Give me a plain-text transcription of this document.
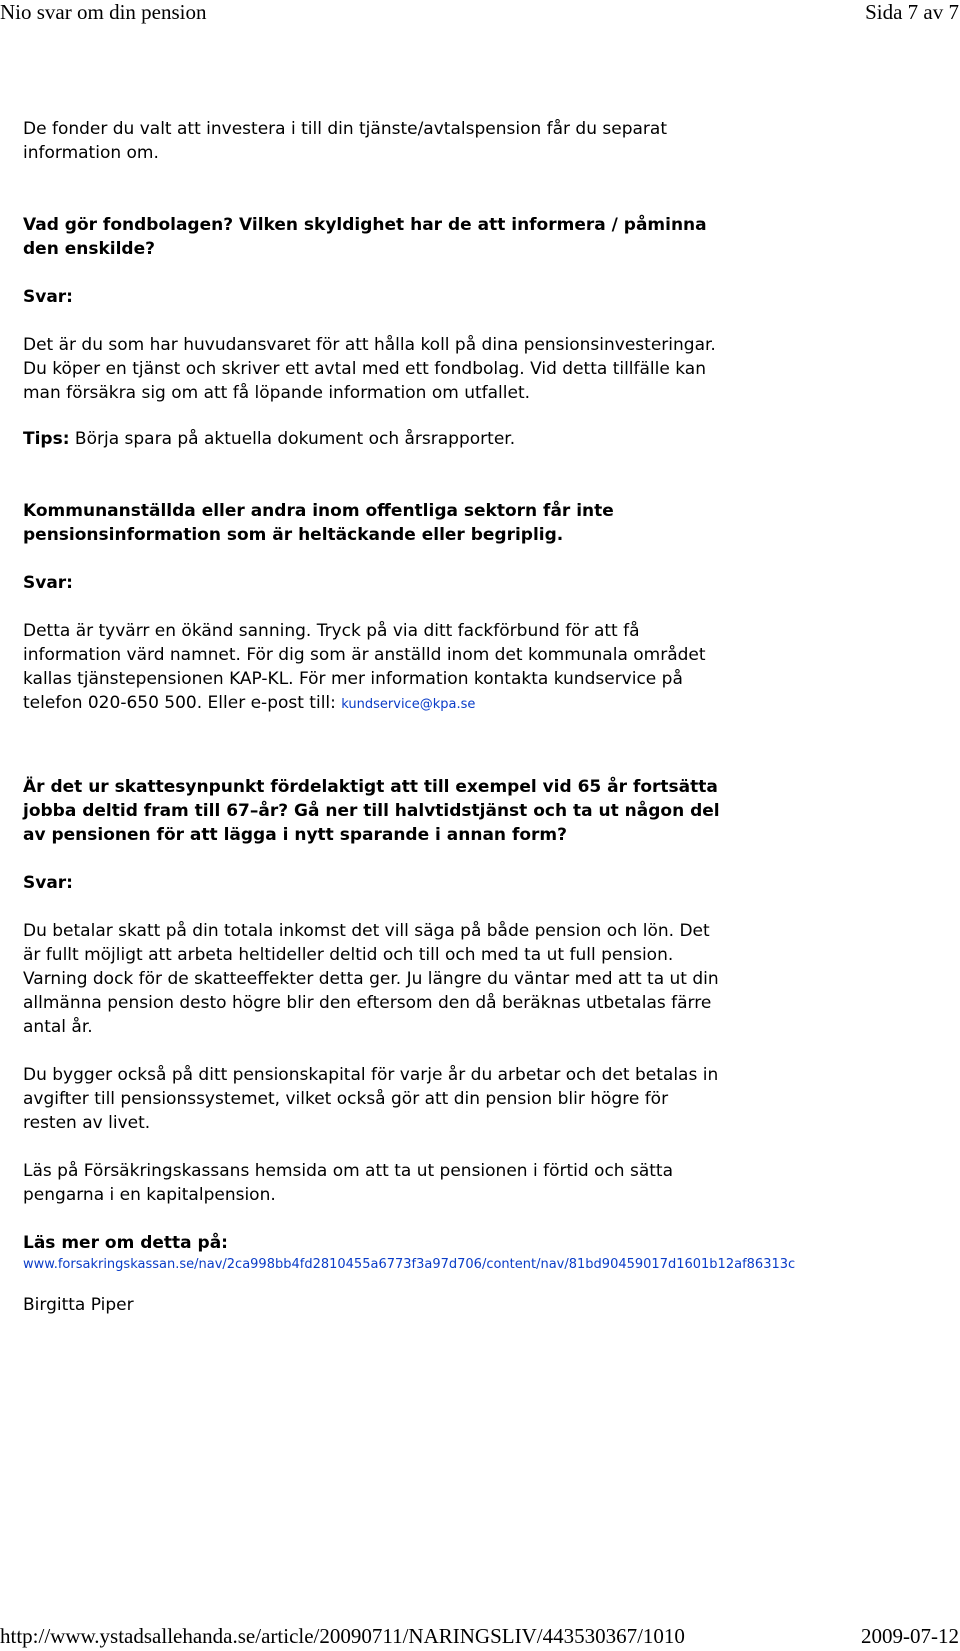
Nio svar om din pension	Sida 7 av 7

De fonder du valt att investera i till din tjänste/avtalspension får du separat information om.

Vad gör fondbolagen? Vilken skyldighet har de att informera / påminna den enskilde?

Svar:

Det är du som har huvudansvaret för att hålla koll på dina pensionsinvesteringar. Du köper en tjänst och skriver ett avtal med ett fondbolag. Vid detta tillfälle kan man försäkra sig om att få löpande information om utfallet.

Tips: Börja spara på aktuella dokument och årsrapporter.

Kommunanställda eller andra inom offentliga sektorn får inte pensionsinformation som är heltäckande eller begriplig.

Svar:

Detta är tyvärr en ökänd sanning. Tryck på via ditt fackförbund för att få information värd namnet. För dig som är anställd inom det kommunala området kallas tjänstepensionen KAP-KL. För mer information kontakta kundservice på telefon 020-650 500. Eller e-post till: kundservice@kpa.se

Är det ur skattesynpunkt fördelaktigt att till exempel vid 65 år fortsätta jobba deltid fram till 67–år? Gå ner till halvtidstjänst och ta ut någon del av pensionen för att lägga i nytt sparande i annan form?

Svar:

Du betalar skatt på din totala inkomst det vill säga på både pension och lön. Det är fullt möjligt att arbeta heltideller deltid och till och med ta ut full pension. Varning dock för de skatteeffekter detta ger. Ju längre du väntar med att ta ut din allmänna pension desto högre blir den eftersom den då beräknas utbetalas färre antal år.

Du bygger också på ditt pensionskapital för varje år du arbetar och det betalas in avgifter till pensionssystemet, vilket också gör att din pension blir högre för resten av livet.

Läs på Försäkringskassans hemsida om att ta ut pensionen i förtid och sätta pengarna i en kapitalpension.

Läs mer om detta på:

www.forsakringskassan.se/nav/2ca998bb4fd2810455a6773f3a97d706/content/nav/81bd90459017d1601b12af86313c

Birgitta Piper

http://www.ystadsallehanda.se/article/20090711/NARINGSLIV/443530367/1010	2009-07-12
